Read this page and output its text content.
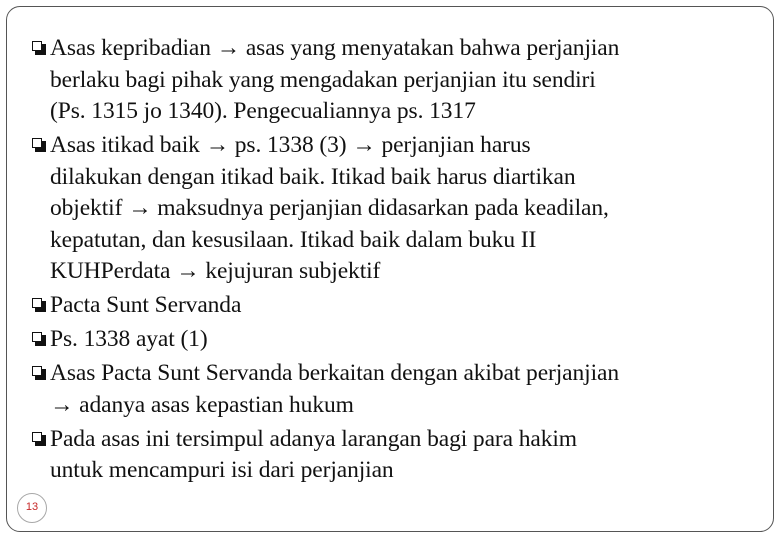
Asas kepribadian → asas yang menyatakan bahwa perjanjian
berlaku bagi pihak yang mengadakan perjanjian itu sendiri
(Ps. 1315 jo 1340). Pengecualiannya ps. 1317
Asas itikad baik → ps. 1338 (3) → perjanjian harus
dilakukan dengan itikad baik. Itikad baik harus diartikan
objektif → maksudnya perjanjian didasarkan pada keadilan,
kepatutan, dan kesusilaan. Itikad baik dalam buku II
KUHPerdata → kejujuran subjektif
Pacta Sunt Servanda
Ps. 1338 ayat (1)
Asas Pacta Sunt Servanda berkaitan dengan akibat perjanjian
→ adanya asas kepastian hukum
Pada asas ini tersimpul adanya larangan bagi para hakim
untuk mencampuri isi dari perjanjian
13
